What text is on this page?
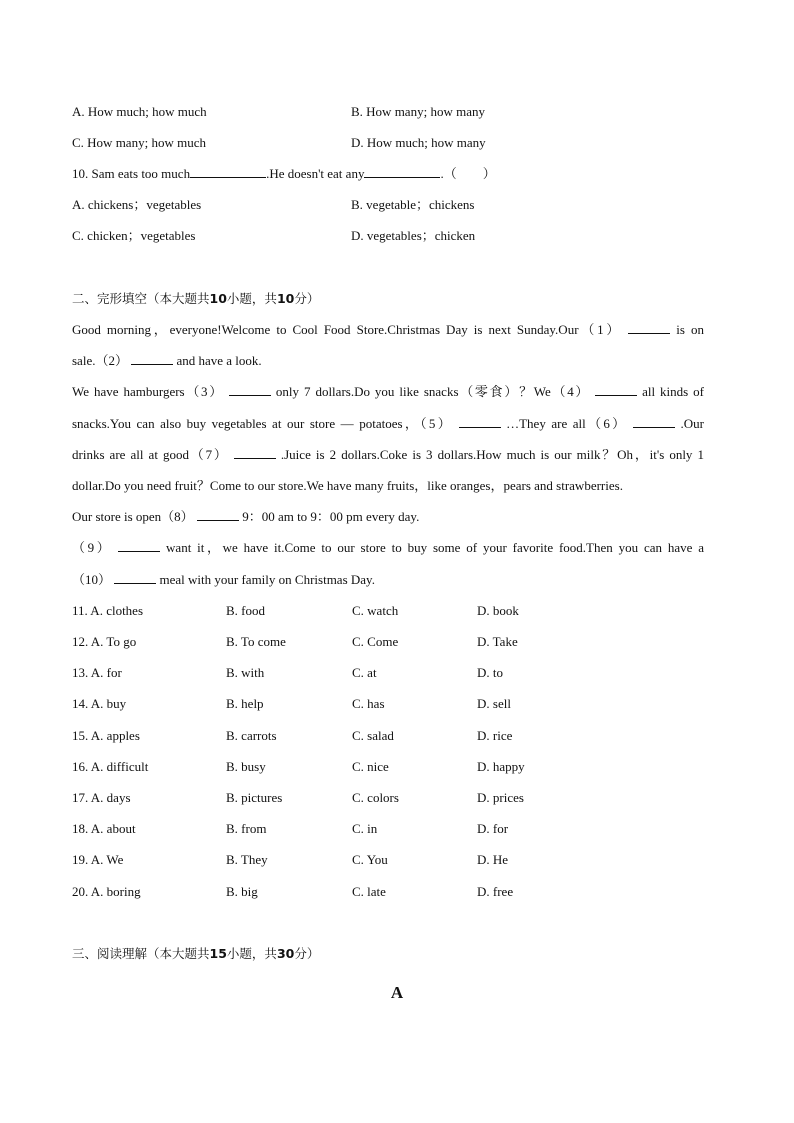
A. How much; how much	B. How many; how many
C. How many; how much	D. How much; how many
10. Sam eats too much	.He doesn't eat any	.（　　）
A. chickens；vegetables	B. vegetable；chickens
C. chicken；vegetables	D. vegetables；chicken
二、完形填空（本大题共10小题，共10分）
Good morning，everyone!Welcome to Cool Food Store.Christmas Day is next Sunday.Our（1）	is on
sale.（2）	and have a look.
We have hamburgers（3）	only 7 dollars.Do you like snacks（零食）？We（4）	all kinds of
snacks.You can also buy vegetables at our store — potatoes，（5）	…They are all（6）	.Our
drinks are all at good（7）	.Juice is 2 dollars.Coke is 3 dollars.How much is our milk？Oh，it's only 1
dollar.Do you need fruit？Come to our store.We have many fruits，like oranges，pears and strawberries.
Our store is open（8）	9：00 am to 9：00 pm every day.
（9）	want it，we have it.Come to our store to buy some of your favorite food.Then you can have a
（10）	meal with your family on Christmas Day.
11. A. clothes	B. food	C. watch	D. book
12. A. To go	B. To come	C. Come	D. Take
13. A. for	B. with	C. at	D. to
14. A. buy	B. help	C. has	D. sell
15. A. apples	B. carrots	C. salad	D. rice
16. A. difficult	B. busy	C. nice	D. happy
17. A. days	B. pictures	C. colors	D. prices
18. A. about	B. from	C. in	D. for
19. A. We	B. They	C. You	D. He
20. A. boring	B. big	C. late	D. free
三、阅读理解（本大题共15小题，共30分）
A
